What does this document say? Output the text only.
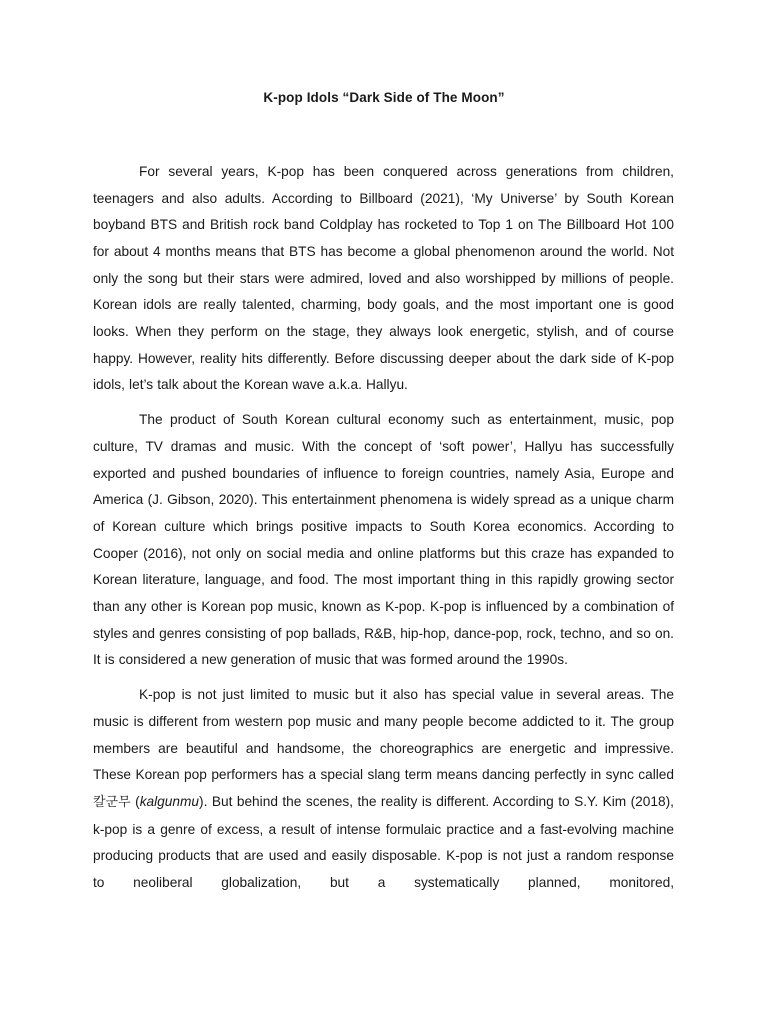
K-pop Idols “Dark Side of The Moon”

For several years, K-pop has been conquered across generations from children, teenagers and also adults. According to Billboard (2021), ‘My Universe’ by South Korean boyband BTS and British rock band Coldplay has rocketed to Top 1 on The Billboard Hot 100 for about 4 months means that BTS has become a global phenomenon around the world. Not only the song but their stars were admired, loved and also worshipped by millions of people. Korean idols are really talented, charming, body goals, and the most important one is good looks. When they perform on the stage, they always look energetic, stylish, and of course happy. However, reality hits differently. Before discussing deeper about the dark side of K-pop idols, let’s talk about the Korean wave a.k.a. Hallyu.

The product of South Korean cultural economy such as entertainment, music, pop culture, TV dramas and music. With the concept of ‘soft power’, Hallyu has successfully exported and pushed boundaries of influence to foreign countries, namely Asia, Europe and America (J. Gibson, 2020). This entertainment phenomena is widely spread as a unique charm of Korean culture which brings positive impacts to South Korea economics. According to Cooper (2016), not only on social media and online platforms but this craze has expanded to Korean literature, language, and food. The most important thing in this rapidly growing sector than any other is Korean pop music, known as K-pop. K-pop is influenced by a combination of styles and genres consisting of pop ballads, R&B, hip-hop, dance-pop, rock, techno, and so on. It is considered a new generation of music that was formed around the 1990s.

K-pop is not just limited to music but it also has special value in several areas. The music is different from western pop music and many people become addicted to it. The group members are beautiful and handsome, the choreographics are energetic and impressive. These Korean pop performers has a special slang term means dancing perfectly in sync called 칼군무 (kalgunmu). But behind the scenes, the reality is different. According to S.Y. Kim (2018), k-pop is a genre of excess, a result of intense formulaic practice and a fast-evolving machine producing products that are used and easily disposable. K-pop is not just a random response to neoliberal globalization, but a systematically planned, monitored,
